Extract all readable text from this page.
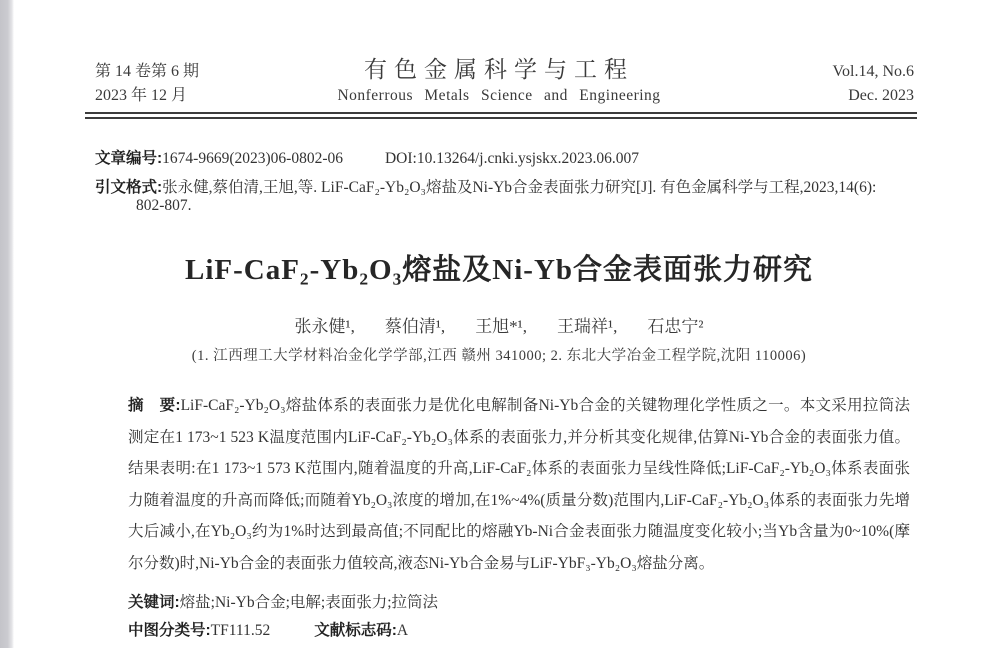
第 14 卷第 6 期
2023 年 12 月
有色金属科学与工程
Nonferrous Metals Science and Engineering
Vol.14, No.6
Dec. 2023
文章编号:1674-9669(2023)06-0802-06	DOI:10.13264/j.cnki.ysjskx.2023.06.007
引文格式:张永健,蔡伯清,王旭,等. LiF-CaF₂-Yb₂O₃熔盐及Ni-Yb合金表面张力研究[J]. 有色金属科学与工程,2023,14(6):
802-807.
LiF-CaF₂-Yb₂O₃熔盐及Ni-Yb合金表面张力研究
张永健¹, 蔡伯清¹, 王旭*¹, 王瑞祥¹, 石忠宁²
(1. 江西理工大学材料冶金化学学部,江西 赣州 341000; 2. 东北大学冶金工程学院,沈阳 110006)

摘　要:LiF-CaF₂-Yb₂O₃熔盐体系的表面张力是优化电解制备Ni-Yb合金的关键物理化学性质之一。本文采用拉筒法测定在1 173~1 523 K温度范围内LiF-CaF₂-Yb₂O₃体系的表面张力,并分析其变化规律,估算Ni-Yb合金的表面张力值。结果表明:在1 173~1 573 K范围内,随着温度的升高,LiF-CaF₂体系的表面张力呈线性降低;LiF-CaF₂-Yb₂O₃体系表面张力随着温度的升高而降低;而随着Yb₂O₃浓度的增加,在1%~4%(质量分数)范围内,LiF-CaF₂-Yb₂O₃体系的表面张力先增大后减小,在Yb₂O₃约为1%时达到最高值;不同配比的熔融Yb-Ni合金表面张力随温度变化较小;当Yb含量为0~10%(摩尔分数)时,Ni-Yb合金的表面张力值较高,液态Ni-Yb合金易与LiF-YbF₃-Yb₂O₃熔盐分离。

关键词:熔盐;Ni-Yb合金;电解;表面张力;拉筒法
中图分类号:TF111.52	文献标志码:A
